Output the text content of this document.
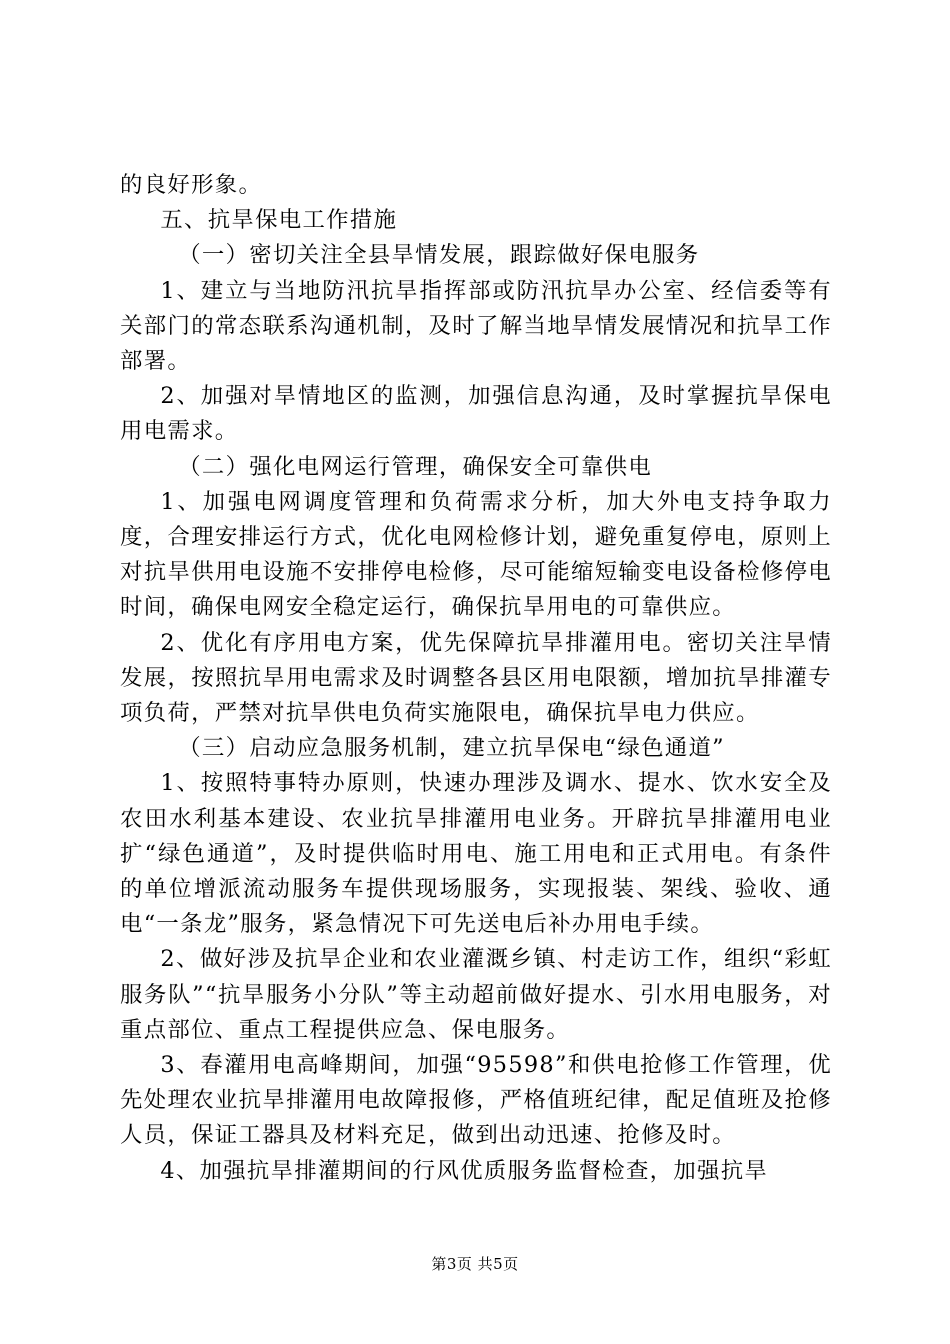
的良好形象。

五、抗旱保电工作措施

（一）密切关注全县旱情发展，跟踪做好保电服务

1、建立与当地防汛抗旱指挥部或防汛抗旱办公室、经信委等有关部门的常态联系沟通机制，及时了解当地旱情发展情况和抗旱工作部署。

2、加强对旱情地区的监测，加强信息沟通，及时掌握抗旱保电用电需求。

（二）强化电网运行管理，确保安全可靠供电

1、加强电网调度管理和负荷需求分析，加大外电支持争取力度，合理安排运行方式，优化电网检修计划，避免重复停电，原则上对抗旱供用电设施不安排停电检修，尽可能缩短输变电设备检修停电时间，确保电网安全稳定运行，确保抗旱用电的可靠供应。

2、优化有序用电方案，优先保障抗旱排灌用电。密切关注旱情发展，按照抗旱用电需求及时调整各县区用电限额，增加抗旱排灌专项负荷，严禁对抗旱供电负荷实施限电，确保抗旱电力供应。

（三）启动应急服务机制，建立抗旱保电“绿色通道”

1、按照特事特办原则，快速办理涉及调水、提水、饮水安全及农田水利基本建设、农业抗旱排灌用电业务。开辟抗旱排灌用电业扩“绿色通道”，及时提供临时用电、施工用电和正式用电。有条件的单位增派流动服务车提供现场服务，实现报装、架线、验收、通电“一条龙”服务，紧急情况下可先送电后补办用电手续。

2、做好涉及抗旱企业和农业灌溉乡镇、村走访工作，组织“彩虹服务队”“抗旱服务小分队”等主动超前做好提水、引水用电服务，对重点部位、重点工程提供应急、保电服务。

3、春灌用电高峰期间，加强“95598”和供电抢修工作管理，优先处理农业抗旱排灌用电故障报修，严格值班纪律，配足值班及抢修人员，保证工器具及材料充足，做到出动迅速、抢修及时。

4、加强抗旱排灌期间的行风优质服务监督检查，加强抗旱

第3页 共5页
